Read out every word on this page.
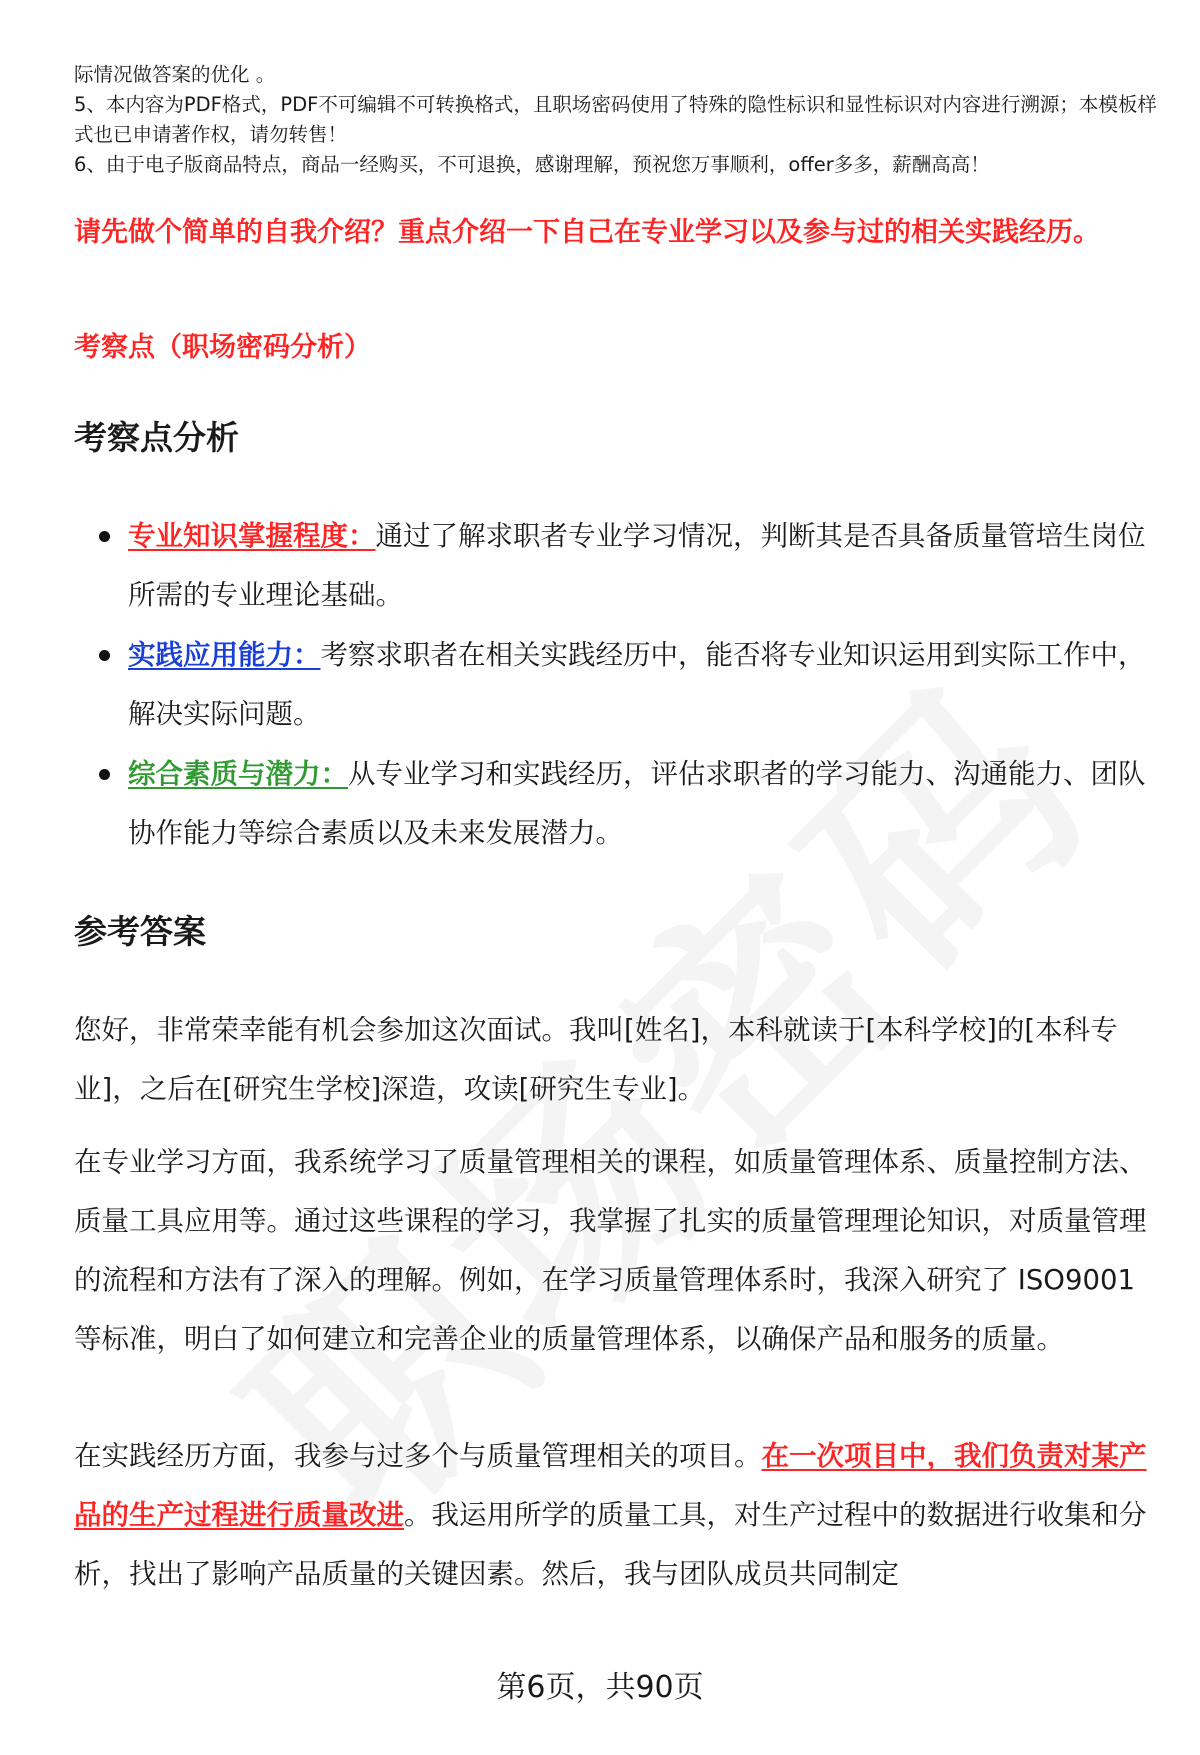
际情况做答案的优化 。

5、本内容为PDF格式，PDF不可编辑不可转换格式，且职场密码使用了特殊的隐性标识和显性标识对内容进行溯源；本模板样式也已申请著作权，请勿转售！

6、由于电子版商品特点，商品一经购买，不可退换，感谢理解，预祝您万事顺利，offer多多，薪酬高高！

请先做个简单的自我介绍？重点介绍一下自己在专业学习以及参与过的相关实践经历。
考察点（职场密码分析）
考察点分析
专业知识掌握程度：通过了解求职者专业学习情况，判断其是否具备质量管培生岗位所需的专业理论基础。
实践应用能力：考察求职者在相关实践经历中，能否将专业知识运用到实际工作中，解决实际问题。
综合素质与潜力：从专业学习和实践经历，评估求职者的学习能力、沟通能力、团队协作能力等综合素质以及未来发展潜力。
参考答案

您好，非常荣幸能有机会参加这次面试。我叫[姓名]，本科就读于[本科学校]的[本科专业]，之后在[研究生学校]深造，攻读[研究生专业]。

在专业学习方面，我系统学习了质量管理相关的课程，如质量管理体系、质量控制方法、质量工具应用等。通过这些课程的学习，我掌握了扎实的质量管理理论知识，对质量管理的流程和方法有了深入的理解。例如，在学习质量管理体系时，我深入研究了 ISO9001 等标准，明白了如何建立和完善企业的质量管理体系，以确保产品和服务的质量。

在实践经历方面，我参与过多个与质量管理相关的项目。在一次项目中，我们负责对某产品的生产过程进行质量改进。我运用所学的质量工具，对生产过程中的数据进行收集和分析，找出了影响产品质量的关键因素。然后，我与团队成员共同制定

第6页，共90页
